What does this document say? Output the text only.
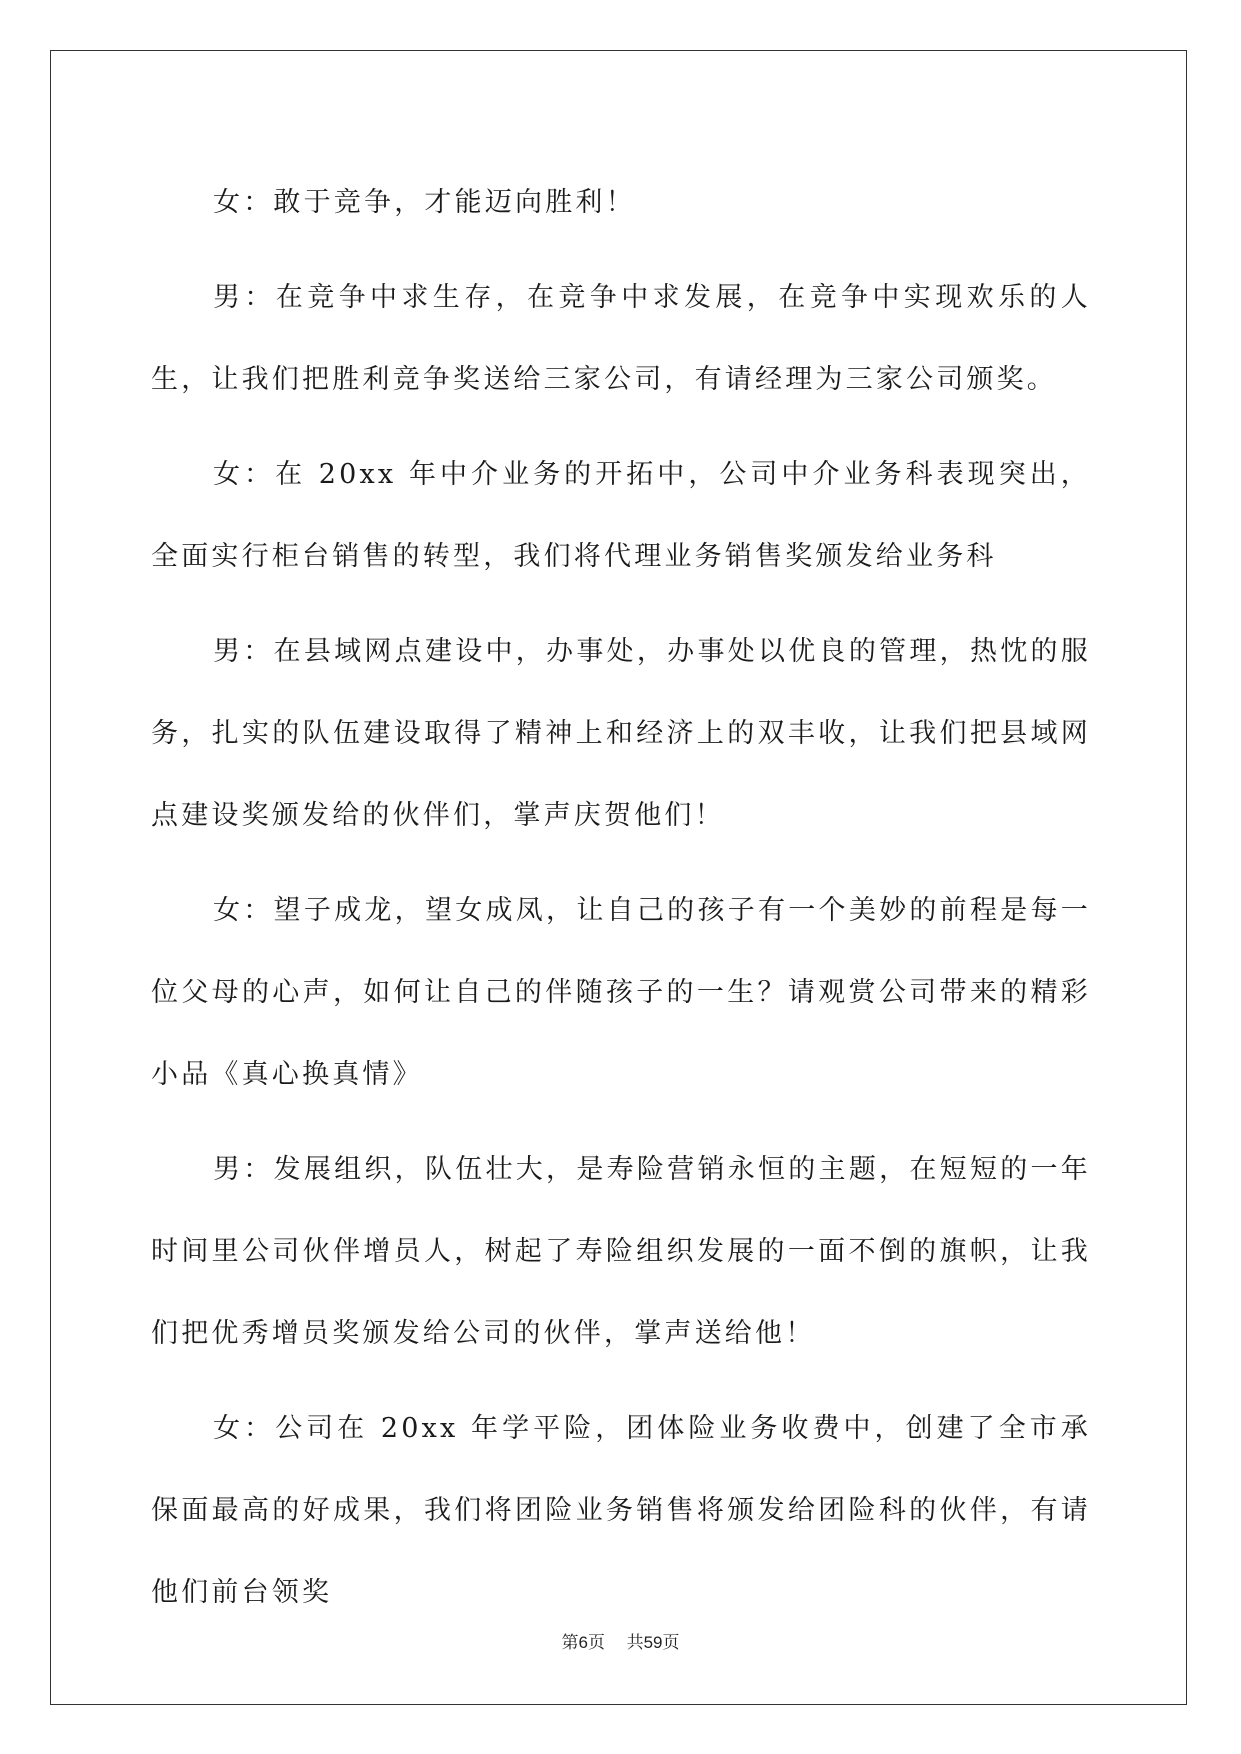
女：敢于竞争，才能迈向胜利！

男：在竞争中求生存，在竞争中求发展，在竞争中实现欢乐的人生，让我们把胜利竞争奖送给三家公司，有请经理为三家公司颁奖。

女：在 20xx 年中介业务的开拓中，公司中介业务科表现突出，全面实行柜台销售的转型，我们将代理业务销售奖颁发给业务科

男：在县域网点建设中，办事处，办事处以优良的管理，热忱的服务，扎实的队伍建设取得了精神上和经济上的双丰收，让我们把县域网点建设奖颁发给的伙伴们，掌声庆贺他们！

女：望子成龙，望女成凤，让自己的孩子有一个美妙的前程是每一位父母的心声，如何让自己的伴随孩子的一生？请观赏公司带来的精彩小品《真心换真情》

男：发展组织，队伍壮大，是寿险营销永恒的主题，在短短的一年时间里公司伙伴增员人，树起了寿险组织发展的一面不倒的旗帜，让我们把优秀增员奖颁发给公司的伙伴，掌声送给他！

女：公司在 20xx 年学平险，团体险业务收费中，创建了全市承保面最高的好成果，我们将团险业务销售将颁发给团险科的伙伴，有请他们前台领奖

第6页 共59页
